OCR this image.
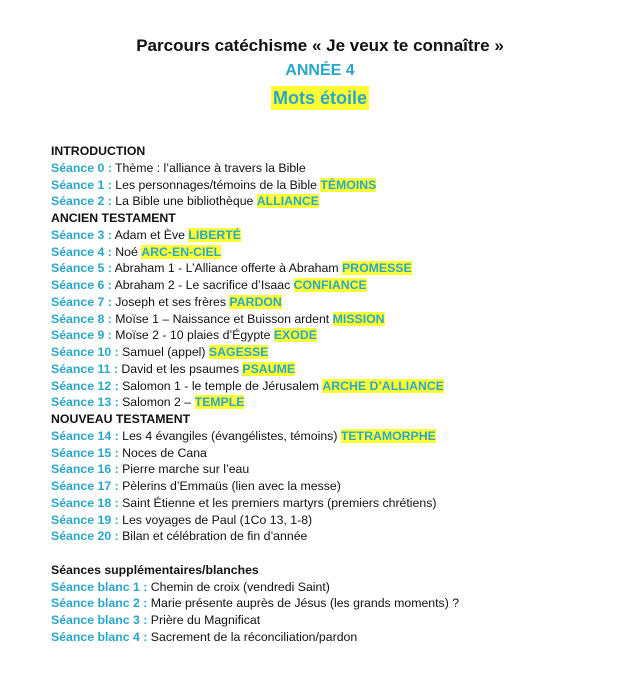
Parcours catéchisme « Je veux te connaître »
ANNÉE 4
Mots étoile
INTRODUCTION
Séance 0 : Thème : l’alliance à travers la Bible
Séance 1 : Les personnages/témoins de la Bible TÉMOINS
Séance 2 : La Bible une bibliothèque ALLIANCE
ANCIEN TESTAMENT
Séance 3 : Adam et Ève LIBERTÉ
Séance 4 : Noé ARC-EN-CIEL
Séance 5 : Abraham 1 - L’Alliance offerte à Abraham PROMESSE
Séance 6 : Abraham 2 - Le sacrifice d’Isaac CONFIANCE
Séance 7 : Joseph et ses frères PARDON
Séance 8 : Moïse 1 – Naissance et Buisson ardent MISSION
Séance 9 : Moïse 2 - 10 plaies d’Égypte EXODE
Séance 10 : Samuel (appel) SAGESSE
Séance 11 : David et les psaumes PSAUME
Séance 12 : Salomon 1 - le temple de Jérusalem ARCHE D’ALLIANCE
Séance 13 : Salomon 2 – TEMPLE
NOUVEAU TESTAMENT
Séance 14 : Les 4 évangiles (évangélistes, témoins) TETRAMORPHE
Séance 15 : Noces de Cana
Séance 16 : Pierre marche sur l’eau
Séance 17 : Pèlerins d’Emmaüs (lien avec la messe)
Séance 18 : Saint Étienne et les premiers martyrs (premiers chrétiens)
Séance 19 : Les voyages de Paul (1Co 13, 1-8)
Séance 20 : Bilan et célébration de fin d’année
Séances supplémentaires/blanches
Séance blanc 1 : Chemin de croix (vendredi Saint)
Séance blanc 2 : Marie présente auprès de Jésus (les grands moments) ?
Séance blanc 3 : Prière du Magnificat
Séance blanc 4 : Sacrement de la réconciliation/pardon
